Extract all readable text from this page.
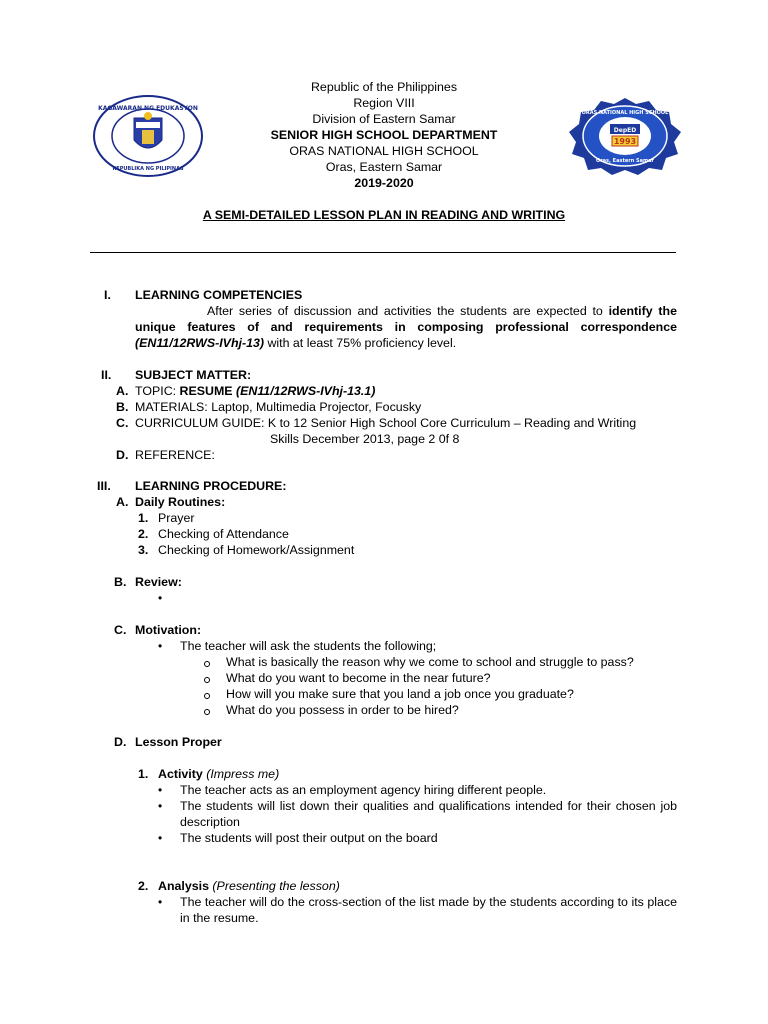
KAGAWARAN NG EDUKASYON
REPUBLIKA NG PILIPINAS
DepED
1993
ORAS NATIONAL HIGH SCHOOL
Oras, Eastern Samar
Republic of the Philippines
Region VIII
Division of Eastern Samar
SENIOR HIGH SCHOOL DEPARTMENT
ORAS NATIONAL HIGH SCHOOL
Oras, Eastern Samar
2019-2020
A SEMI-DETAILED LESSON PLAN IN READING AND WRITING
I. LEARNING COMPETENCIES
After series of discussion and activities the students are expected to identify the unique features of and requirements in composing professional correspondence (EN11/12RWS-IVhj-13) with at least 75% proficiency level.
II. SUBJECT MATTER:
A. TOPIC: RESUME (EN11/12RWS-IVhj-13.1)
B. MATERIALS: Laptop, Multimedia Projector, Focusky
C. CURRICULUM GUIDE: K to 12 Senior High School Core Curriculum – Reading and Writing
Skills December 2013, page 2 0f 8
D. REFERENCE:
III. LEARNING PROCEDURE:
A. Daily Routines:
1. Prayer
2. Checking of Attendance
3. Checking of Homework/Assignment
B. Review:
•
C. Motivation:
• The teacher will ask the students the following;
What is basically the reason why we come to school and struggle to pass?
What do you want to become in the near future?
How will you make sure that you land a job once you graduate?
What do you possess in order to be hired?
D. Lesson Proper
1. Activity (Impress me)
• The teacher acts as an employment agency hiring different people.
• The students will list down their qualities and qualifications intended for their chosen job description
• The students will post their output on the board
2. Analysis (Presenting the lesson)
• The teacher will do the cross-section of the list made by the students according to its place in the resume.
